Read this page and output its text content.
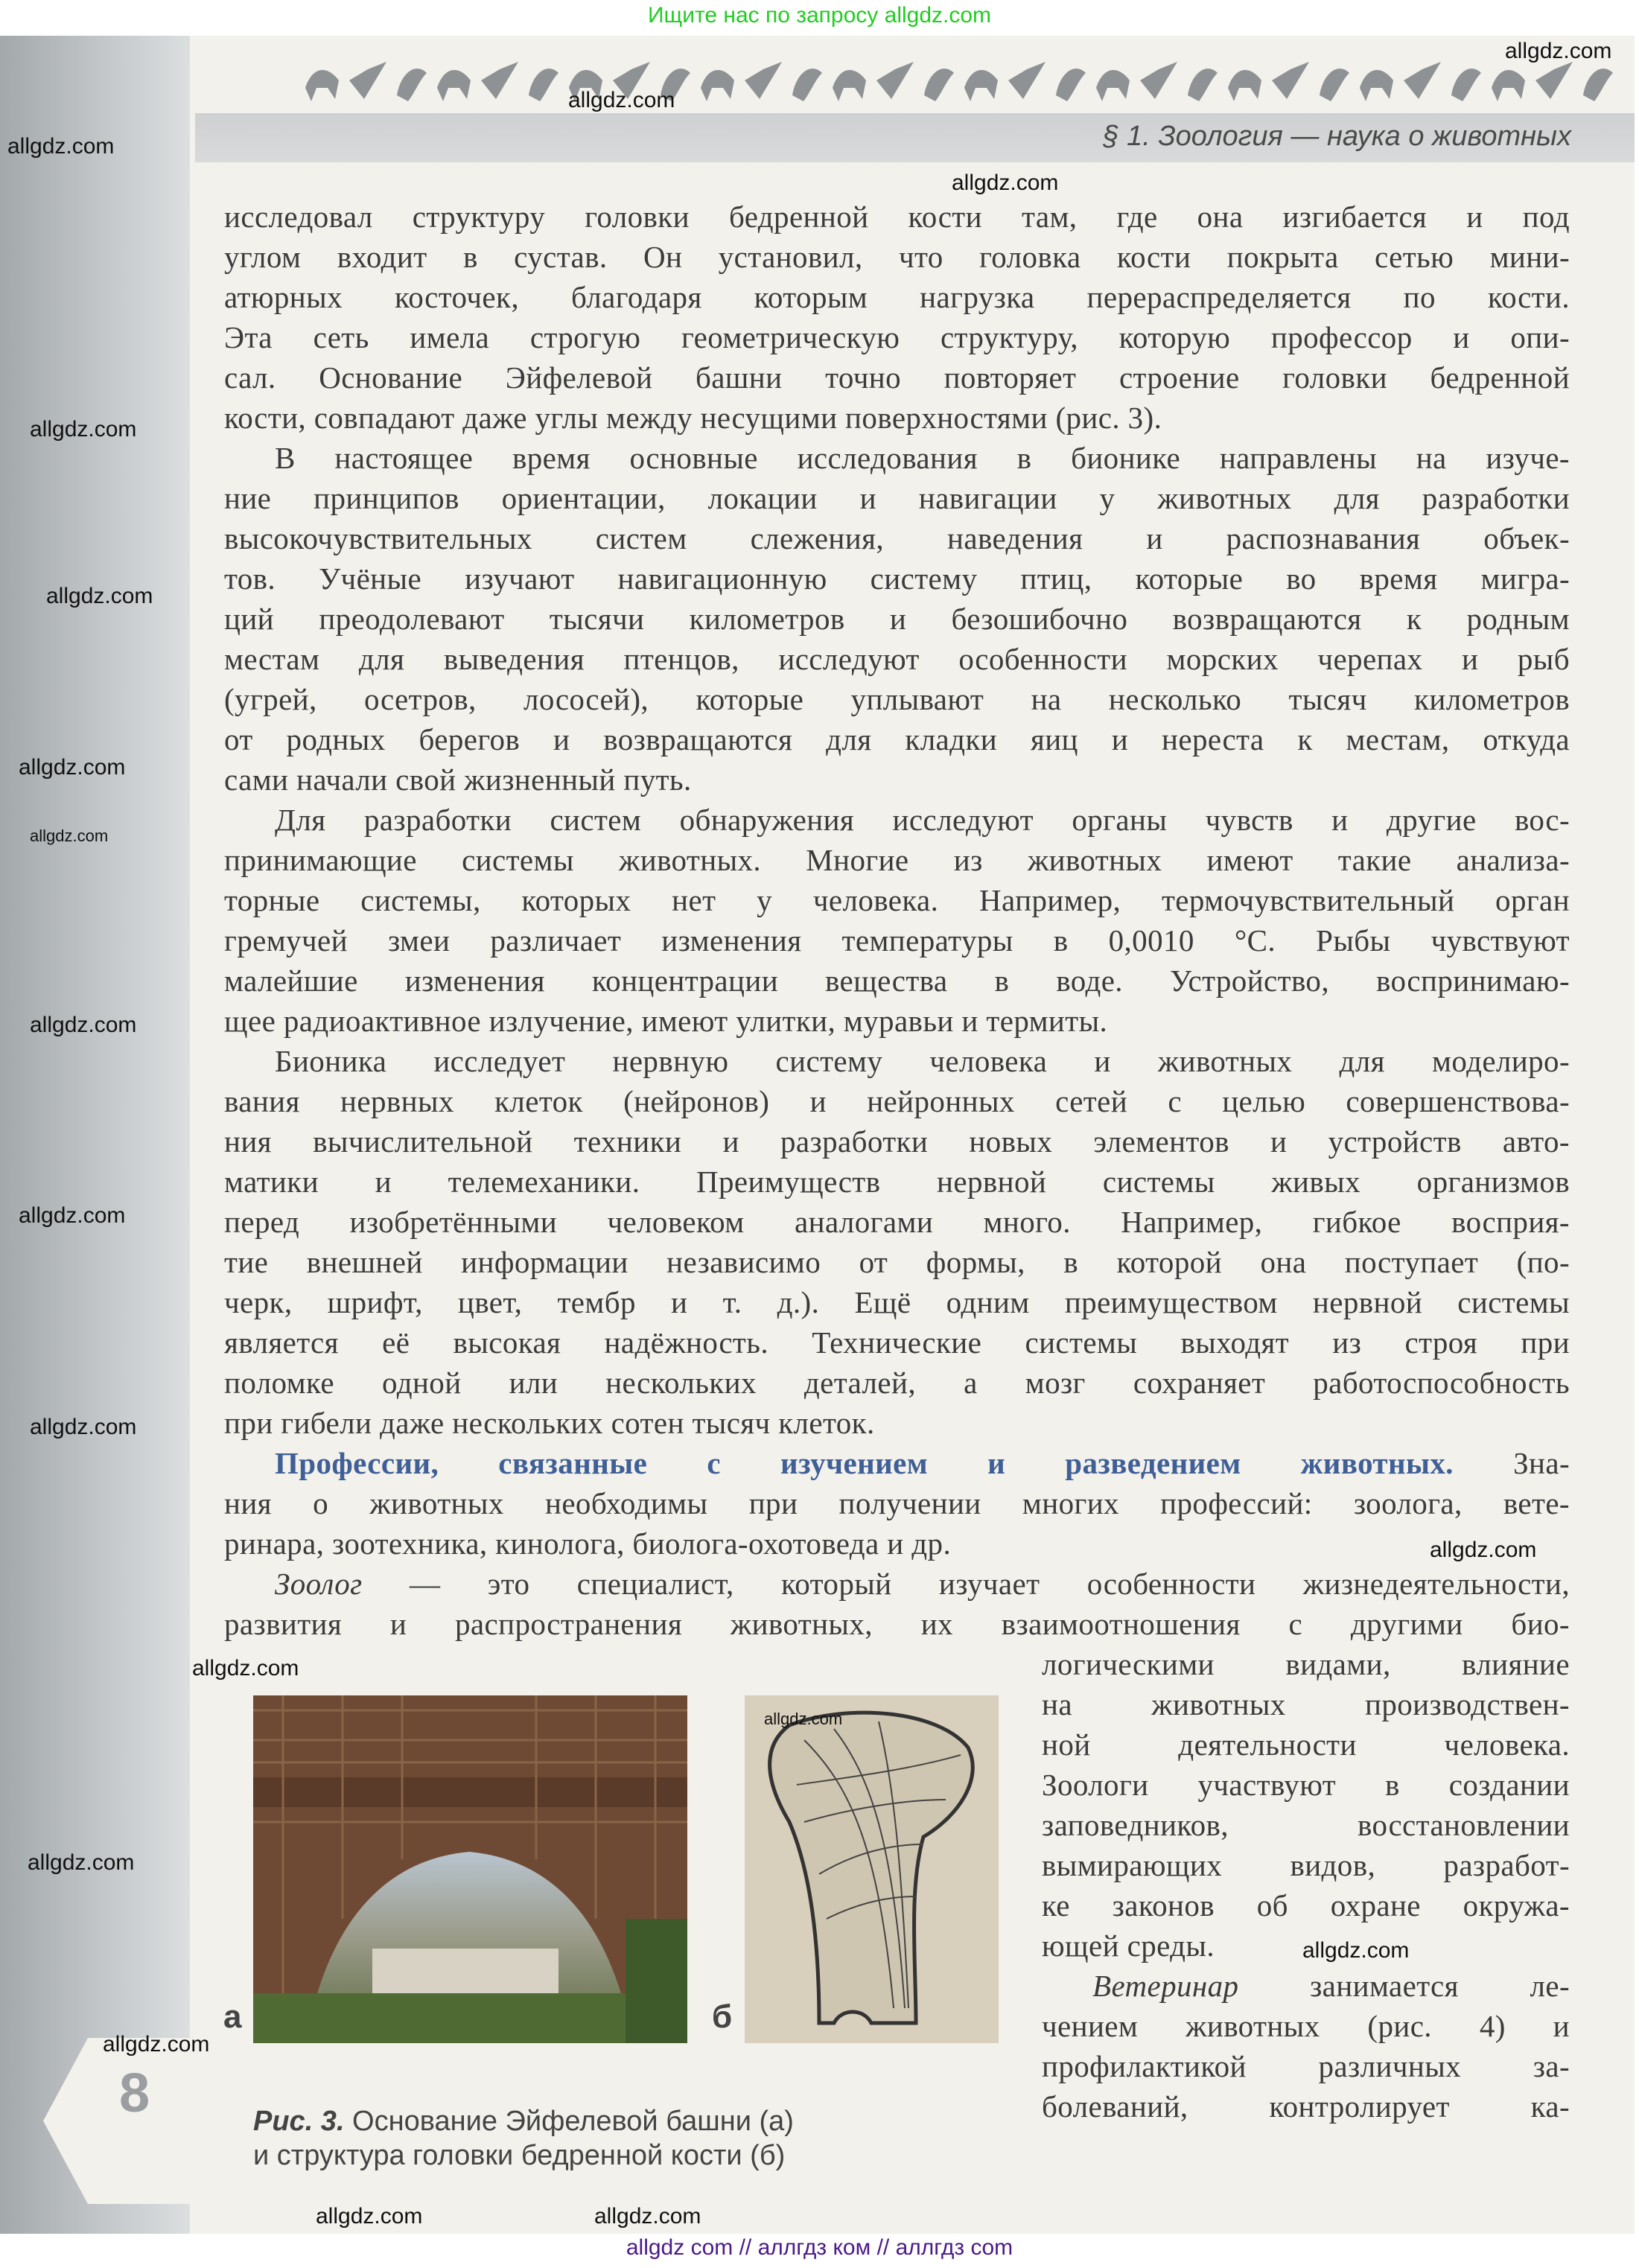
Ищите нас по запросу allgdz.com
§ 1. Зоология — наука о животных
исследовал структуру головки бедренной кости там, где она изгибается и под
углом входит в сустав. Он установил, что головка кости покрыта сетью мини-
атюрных косточек, благодаря которым нагрузка перераспределяется по кости.
Эта сеть имела строгую геометрическую структуру, которую профессор и опи-
сал. Основание Эйфелевой башни точно повторяет строение головки бедренной
кости, совпадают даже углы между несущими поверхностями (рис. 3).
В настоящее время основные исследования в бионике направлены на изуче-
ние принципов ориентации, локации и навигации у животных для разработки
высокочувствительных систем слежения, наведения и распознавания объек-
тов. Учёные изучают навигационную систему птиц, которые во время мигра-
ций преодолевают тысячи километров и безошибочно возвращаются к родным
местам для выведения птенцов, исследуют особенности морских черепах и рыб
(угрей, осетров, лососей), которые уплывают на несколько тысяч километров
от родных берегов и возвращаются для кладки яиц и нереста к местам, откуда
сами начали свой жизненный путь.
Для разработки систем обнаружения исследуют органы чувств и другие вос-
принимающие системы животных. Многие из животных имеют такие анализа-
торные системы, которых нет у человека. Например, термочувствительный орган
гремучей змеи различает изменения температуры в 0,0010 °С. Рыбы чувствуют
малейшие изменения концентрации вещества в воде. Устройство, воспринимаю-
щее радиоактивное излучение, имеют улитки, муравьи и термиты.
Бионика исследует нервную систему человека и животных для моделиро-
вания нервных клеток (нейронов) и нейронных сетей с целью совершенствова-
ния вычислительной техники и разработки новых элементов и устройств авто-
матики и телемеханики. Преимуществ нервной системы живых организмов
перед изобретёнными человеком аналогами много. Например, гибкое восприя-
тие внешней информации независимо от формы, в которой она поступает (по-
черк, шрифт, цвет, тембр и т. д.). Ещё одним преимуществом нервной системы
является её высокая надёжность. Технические системы выходят из строя при
поломке одной или нескольких деталей, а мозг сохраняет работоспособность
при гибели даже нескольких сотен тысяч клеток.
Профессии, связанные с изучением и разведением животных. Зна-
ния о животных необходимы при получении многих профессий: зоолога, вете-
ринара, зоотехника, кинолога, биолога-охотоведа и др.
Зоолог — это специалист, который изучает особенности жизнедеятельности,
развития и распространения животных, их взаимоотношения с другими био-
логическими видами, влияние
на животных производствен-
ной деятельности человека.
Зоологи участвуют в создании
заповедников, восстановлении
вымирающих видов, разработ-
ке законов об охране окружа-
ющей среды.
Ветеринар занимается ле-
чением животных (рис. 4) и
профилактикой различных за-
болеваний, контролирует ка-
а	б
Рис. 3. Основание Эйфелевой башни (а)
и структура головки бедренной кости (б)
8
allgdz.com
allgdz.com
allgdz.com
allgdz.com
allgdz.com
allgdz.com
allgdz.com
allgdz.com
allgdz.com
allgdz.com
allgdz.com
allgdz.com
allgdz.com
allgdz.com
allgdz.com
allgdz.com
allgdz.com
allgdz.com
allgdz.com
allgdz com // аллгдз ком // аллгдз com
